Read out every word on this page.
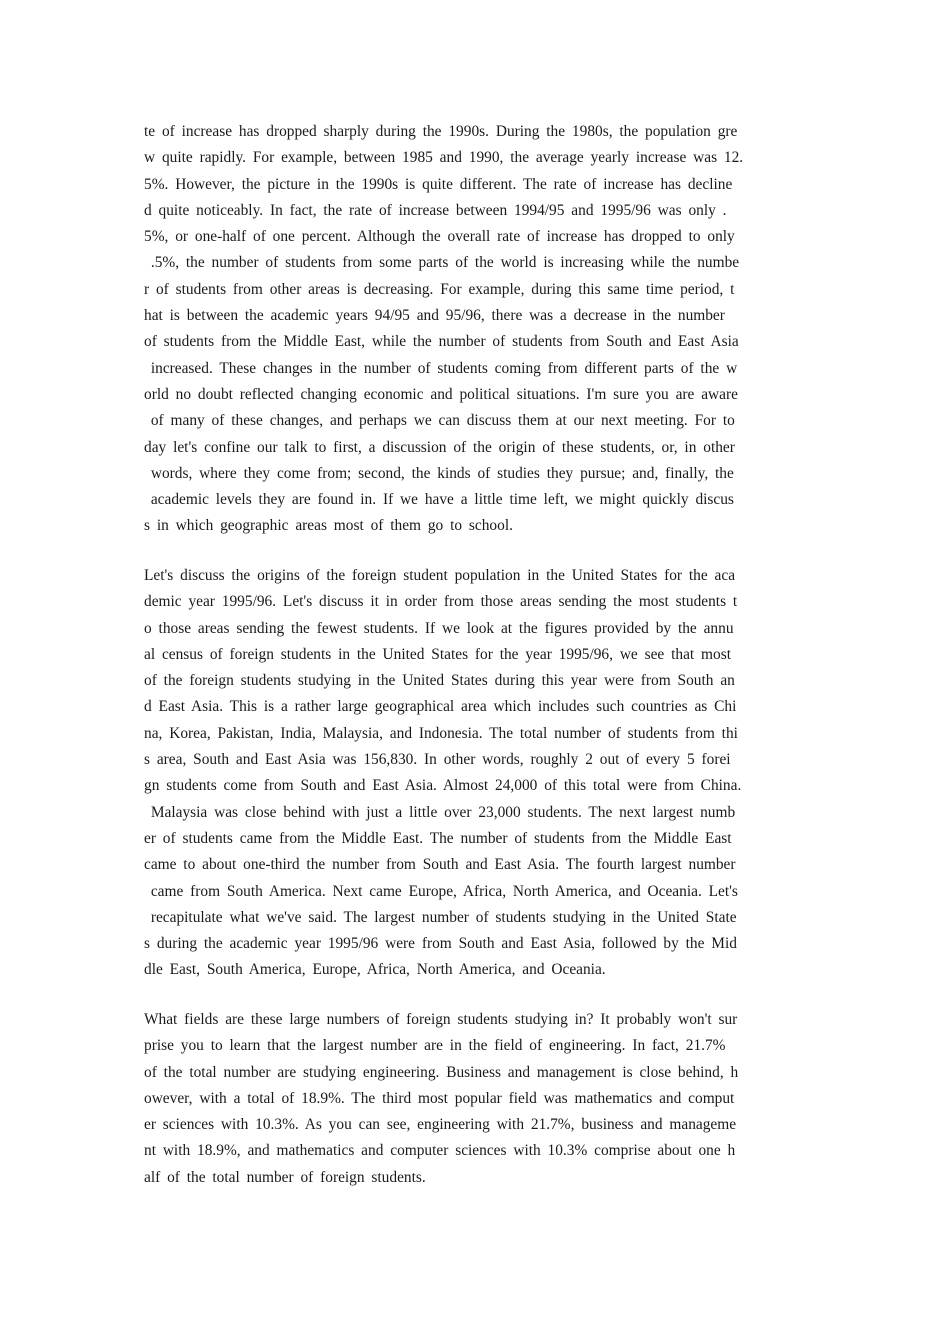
te of increase has dropped sharply during the 1990s. During the 1980s, the population gre
w quite rapidly. For example, between 1985 and 1990, the average yearly increase was 12.
5%. However, the picture in the 1990s is quite different. The rate of increase has decline
d quite noticeably. In fact, the rate of increase between 1994/95 and 1995/96 was only .
5%, or one-half of one percent. Although the overall rate of increase has dropped to only
.5%, the number of students from some parts of the world is increasing while the numbe
r of students from other areas is decreasing. For example, during this same time period, t
hat is between the academic years 94/95 and 95/96, there was a decrease in the number
of students from the Middle East, while the number of students from South and East Asia
increased. These changes in the number of students coming from different parts of the w
orld no doubt reflected changing economic and political situations. I'm sure you are aware
of many of these changes, and perhaps we can discuss them at our next meeting. For to
day let's confine our talk to first, a discussion of the origin of these students, or, in other
words, where they come from; second, the kinds of studies they pursue; and, finally, the
academic levels they are found in. If we have a little time left, we might quickly discus
s in which geographic areas most of them go to school.
Let's discuss the origins of the foreign student population in the United States for the aca
demic year 1995/96. Let's discuss it in order from those areas sending the most students t
o those areas sending the fewest students. If we look at the figures provided by the annu
al census of foreign students in the United States for the year 1995/96, we see that most
of the foreign students studying in the United States during this year were from South an
d East Asia. This is a rather large geographical area which includes such countries as Chi
na, Korea, Pakistan, India, Malaysia, and Indonesia. The total number of students from thi
s area, South and East Asia was 156,830. In other words, roughly 2 out of every 5 forei
gn students come from South and East Asia. Almost 24,000 of this total were from China.
Malaysia was close behind with just a little over 23,000 students. The next largest numb
er of students came from the Middle East. The number of students from the Middle East
came to about one-third the number from South and East Asia. The fourth largest number
came from South America. Next came Europe, Africa, North America, and Oceania. Let's
recapitulate what we've said. The largest number of students studying in the United State
s during the academic year 1995/96 were from South and East Asia, followed by the Mid
dle East, South America, Europe, Africa, North America, and Oceania.
What fields are these large numbers of foreign students studying in? It probably won't sur
prise you to learn that the largest number are in the field of engineering. In fact, 21.7%
of the total number are studying engineering. Business and management is close behind, h
owever, with a total of 18.9%. The third most popular field was mathematics and comput
er sciences with 10.3%. As you can see, engineering with 21.7%, business and manageme
nt with 18.9%, and mathematics and computer sciences with 10.3% comprise about one h
alf of the total number of foreign students.
